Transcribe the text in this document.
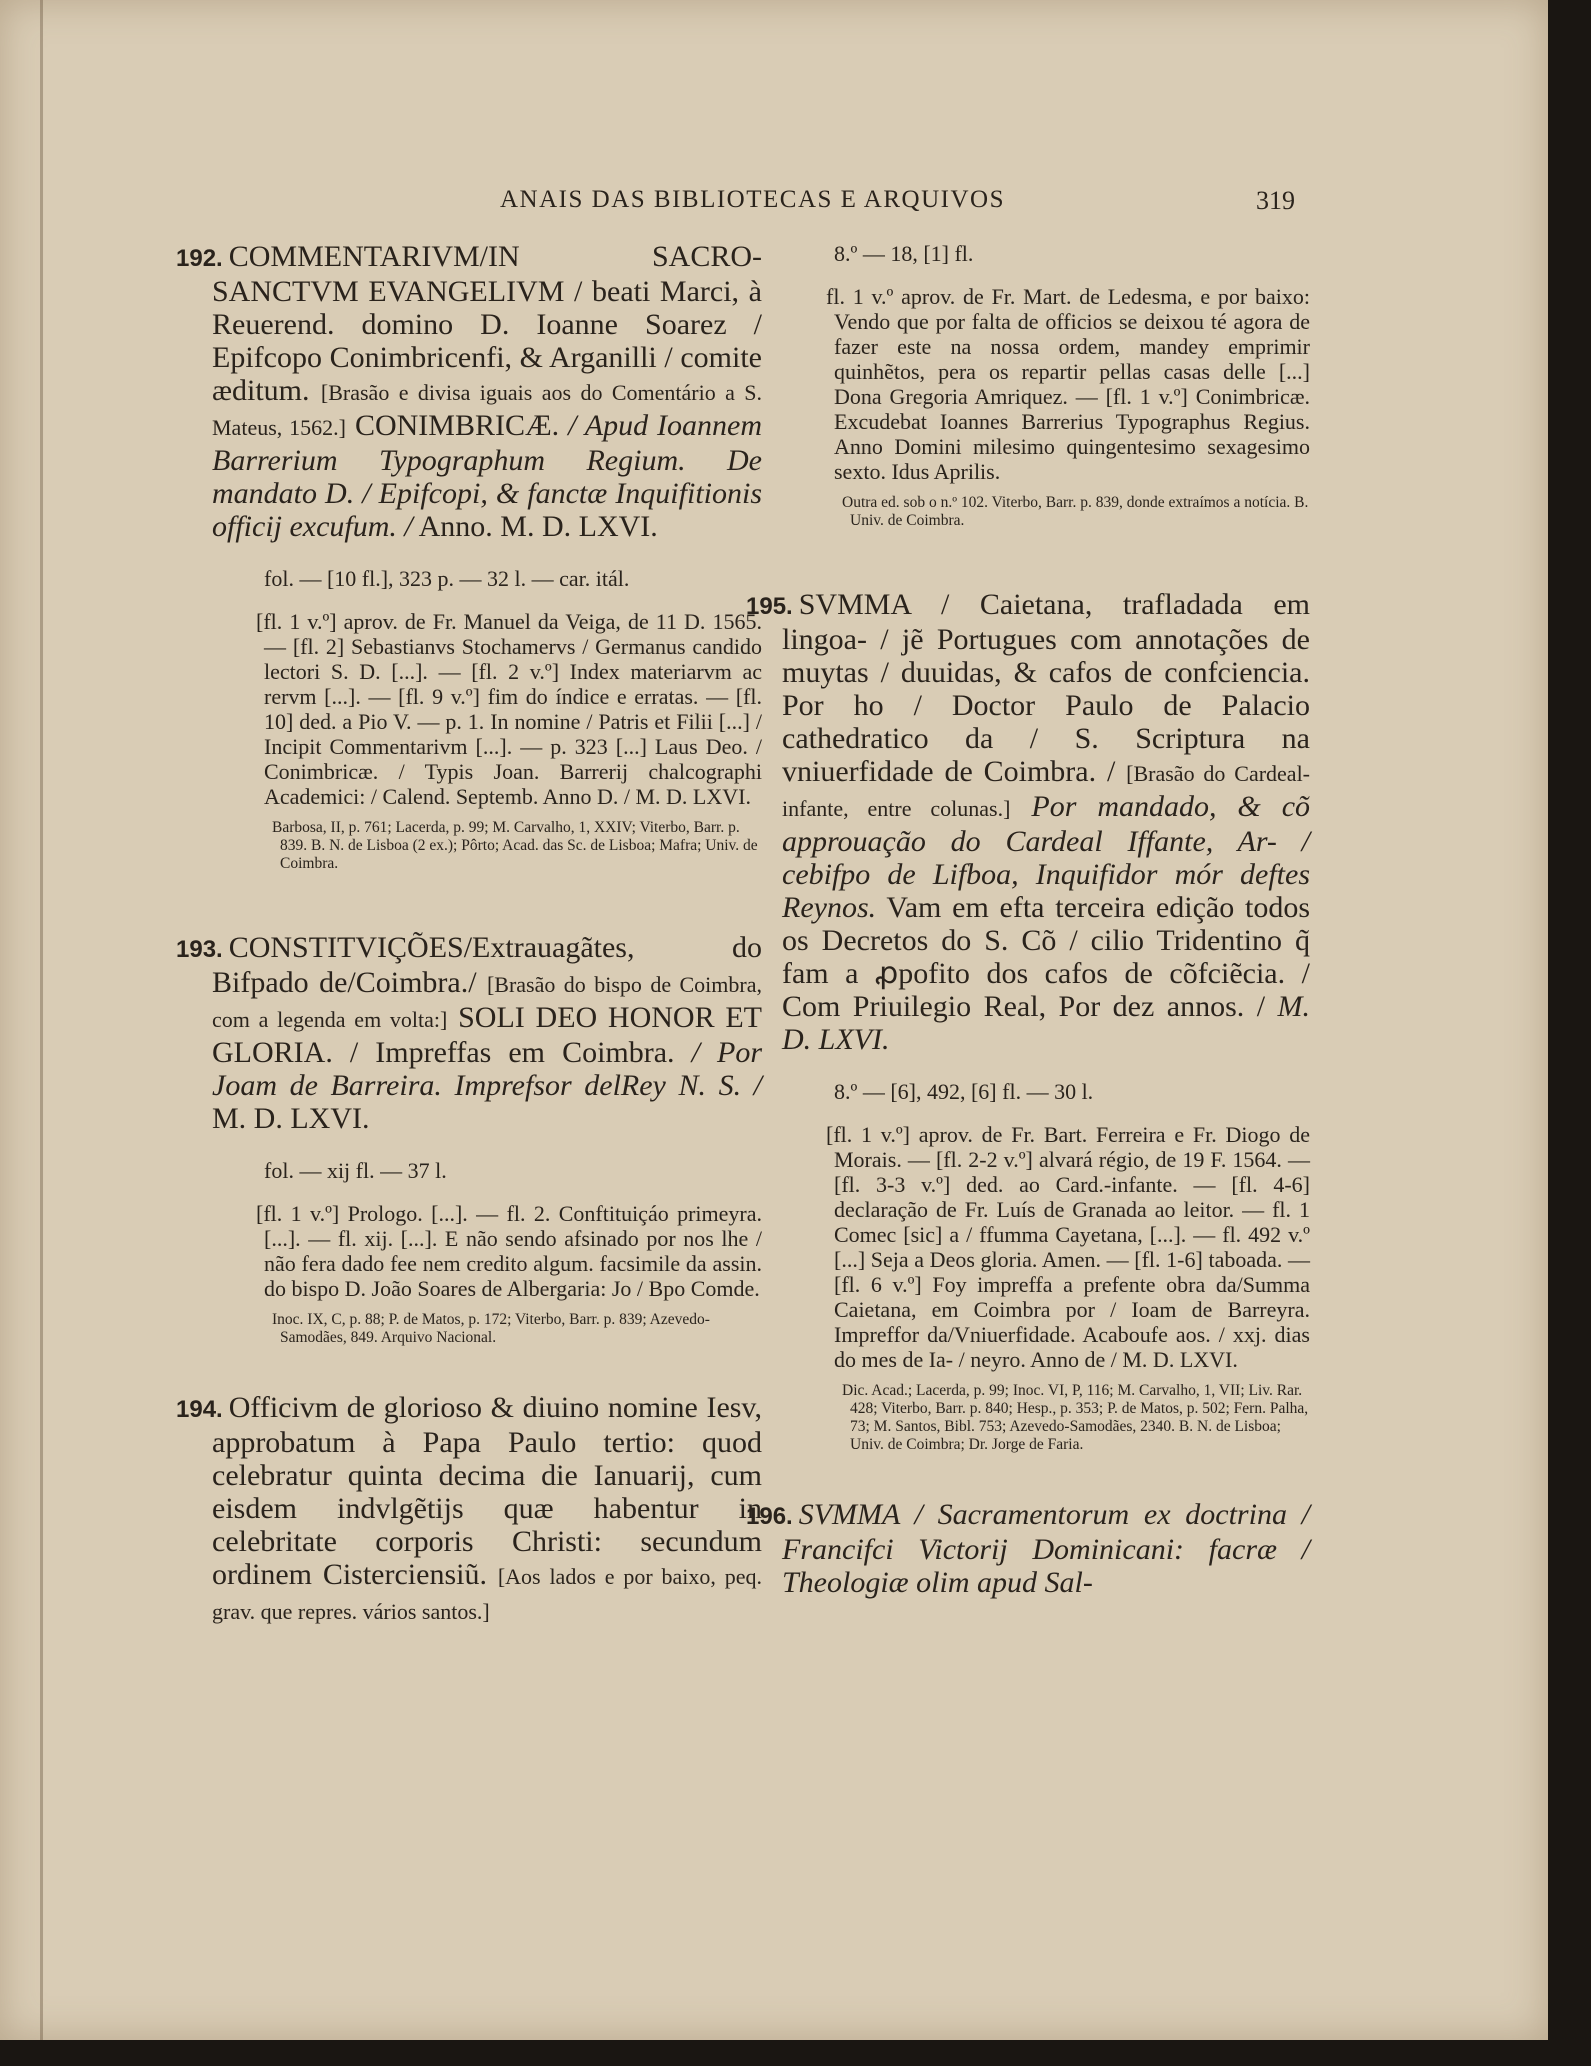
ANAIS DAS BIBLIOTECAS E ARQUIVOS	319
192. COMMENTARIVM/IN SACRO- SANCTVM EVANGELIVM / beati Marci, à Reuerend. domino D. Ioanne Soarez / Epifcopo Conimbricenfi, & Arganilli / comite æditum. [Brasão e divisa iguais aos do Comentário a S. Mateus, 1562.] CONIMBRICÆ. / Apud Ioannem Barrerium Typographum Regium. De mandato D. / Epifcopi, & fanctæ Inquifitionis officij excufum. / Anno. M. D. LXVI.
fol. — [10 fl.], 323 p. — 32 l. — car. itál.
[fl. 1 v.º] aprov. de Fr. Manuel da Veiga, de 11 D. 1565. — [fl. 2] Sebastianvs Stochamervs / Germanus candido lectori S. D. [...]. — [fl. 2 v.º] Index materiarvm ac rervm [...]. — [fl. 9 v.º] fim do índice e erratas. — [fl. 10] ded. a Pio V. — p. 1. In nomine / Patris et Filii [...] / Incipit Commentarivm [...]. — p. 323 [...] Laus Deo. / Conimbricæ. / Typis Joan. Barrerij chalcographi Academici: / Calend. Septemb. Anno D. / M. D. LXVI.
Barbosa, II, p. 761; Lacerda, p. 99; M. Carvalho, 1, XXIV; Viterbo, Barr. p. 839. B. N. de Lisboa (2 ex.); Pôrto; Acad. das Sc. de Lisboa; Mafra; Univ. de Coimbra.
193. CONSTITVIÇÕES/Extrauagãtes, do Bifpado de/Coimbra./ [Brasão do bispo de Coimbra, com a legenda em volta:] SOLI DEO HONOR ET GLORIA. / Impreffas em Coimbra. / Por Joam de Barreira. Imprefsor delRey N. S. / M. D. LXVI.
fol. — xij fl. — 37 l.
[fl. 1 v.º] Prologo. [...]. — fl. 2. Conftituiçáo primeyra. [...]. — fl. xij. [...]. E não sendo afsinado por nos lhe / não fera dado fee nem credito algum. facsimile da assin. do bispo D. João Soares de Albergaria: Jo / Bpo Comde.
Inoc. IX, C, p. 88; P. de Matos, p. 172; Viterbo, Barr. p. 839; Azevedo-Samodães, 849. Arquivo Nacional.
194. Officivm de glorioso & diuino nomine Iesv, approbatum à Papa Paulo tertio: quod celebratur quinta decima die Ianuarij, cum eisdem indvlgẽtijs quæ habentur in celebritate corporis Christi: secundum ordinem Cisterciensiũ. [Aos lados e por baixo, peq. grav. que repres. vários santos.]
8.º — 18, [1] fl.
fl. 1 v.º aprov. de Fr. Mart. de Ledesma, e por baixo: Vendo que por falta de officios se deixou té agora de fazer este na nossa ordem, mandey emprimir quinhẽtos, pera os repartir pellas casas delle [...] Dona Gregoria Amriquez. — [fl. 1 v.º] Conimbricæ. Excudebat Ioannes Barrerius Typographus Regius. Anno Domini milesimo quingentesimo sexagesimo sexto. Idus Aprilis.
Outra ed. sob o n.º 102. Viterbo, Barr. p. 839, donde extraímos a notícia. B. Univ. de Coimbra.
195. SVMMA / Caietana, trafladada em lingoa- / jẽ Portugues com annotações de muytas / duuidas, & cafos de confciencia. Por ho / Doctor Paulo de Palacio cathedratico da / S. Scriptura na vniuerfidade de Coimbra. / [Brasão do Cardeal-infante, entre colunas.] Por mandado, & cõ approuação do Cardeal Iffante, Ar- / cebifpo de Lifboa, Inquifidor mór deftes Reynos. Vam em efta terceira edição todos os Decretos do S. Cõ / cilio Tridentino q̃ fam a ꝓpofito dos cafos de cõfciẽcia. / Com Priuilegio Real, Por dez annos. / M. D. LXVI.
8.º — [6], 492, [6] fl. — 30 l.
[fl. 1 v.º] aprov. de Fr. Bart. Ferreira e Fr. Diogo de Morais. — [fl. 2-2 v.º] alvará régio, de 19 F. 1564. — [fl. 3-3 v.º] ded. ao Card.-infante. — [fl. 4-6] declaração de Fr. Luís de Granada ao leitor. — fl. 1 Comec [sic] a / ffumma Cayetana, [...]. — fl. 492 v.º [...] Seja a Deos gloria. Amen. — [fl. 1-6] taboada. — [fl. 6 v.º] Foy impreffa a prefente obra da/Summa Caietana, em Coimbra por / Ioam de Barreyra. Impreffor da/Vniuerfidade. Acaboufe aos. / xxj. dias do mes de Ia- / neyro. Anno de / M. D. LXVI.
Dic. Acad.; Lacerda, p. 99; Inoc. VI, P, 116; M. Carvalho, 1, VII; Liv. Rar. 428; Viterbo, Barr. p. 840; Hesp., p. 353; P. de Matos, p. 502; Fern. Palha, 73; M. Santos, Bibl. 753; Azevedo-Samodães, 2340. B. N. de Lisboa; Univ. de Coimbra; Dr. Jorge de Faria.
196. SVMMA / Sacramentorum ex doctrina / Francifci Victorij Dominicani: facræ / Theologiæ olim apud Sal-
